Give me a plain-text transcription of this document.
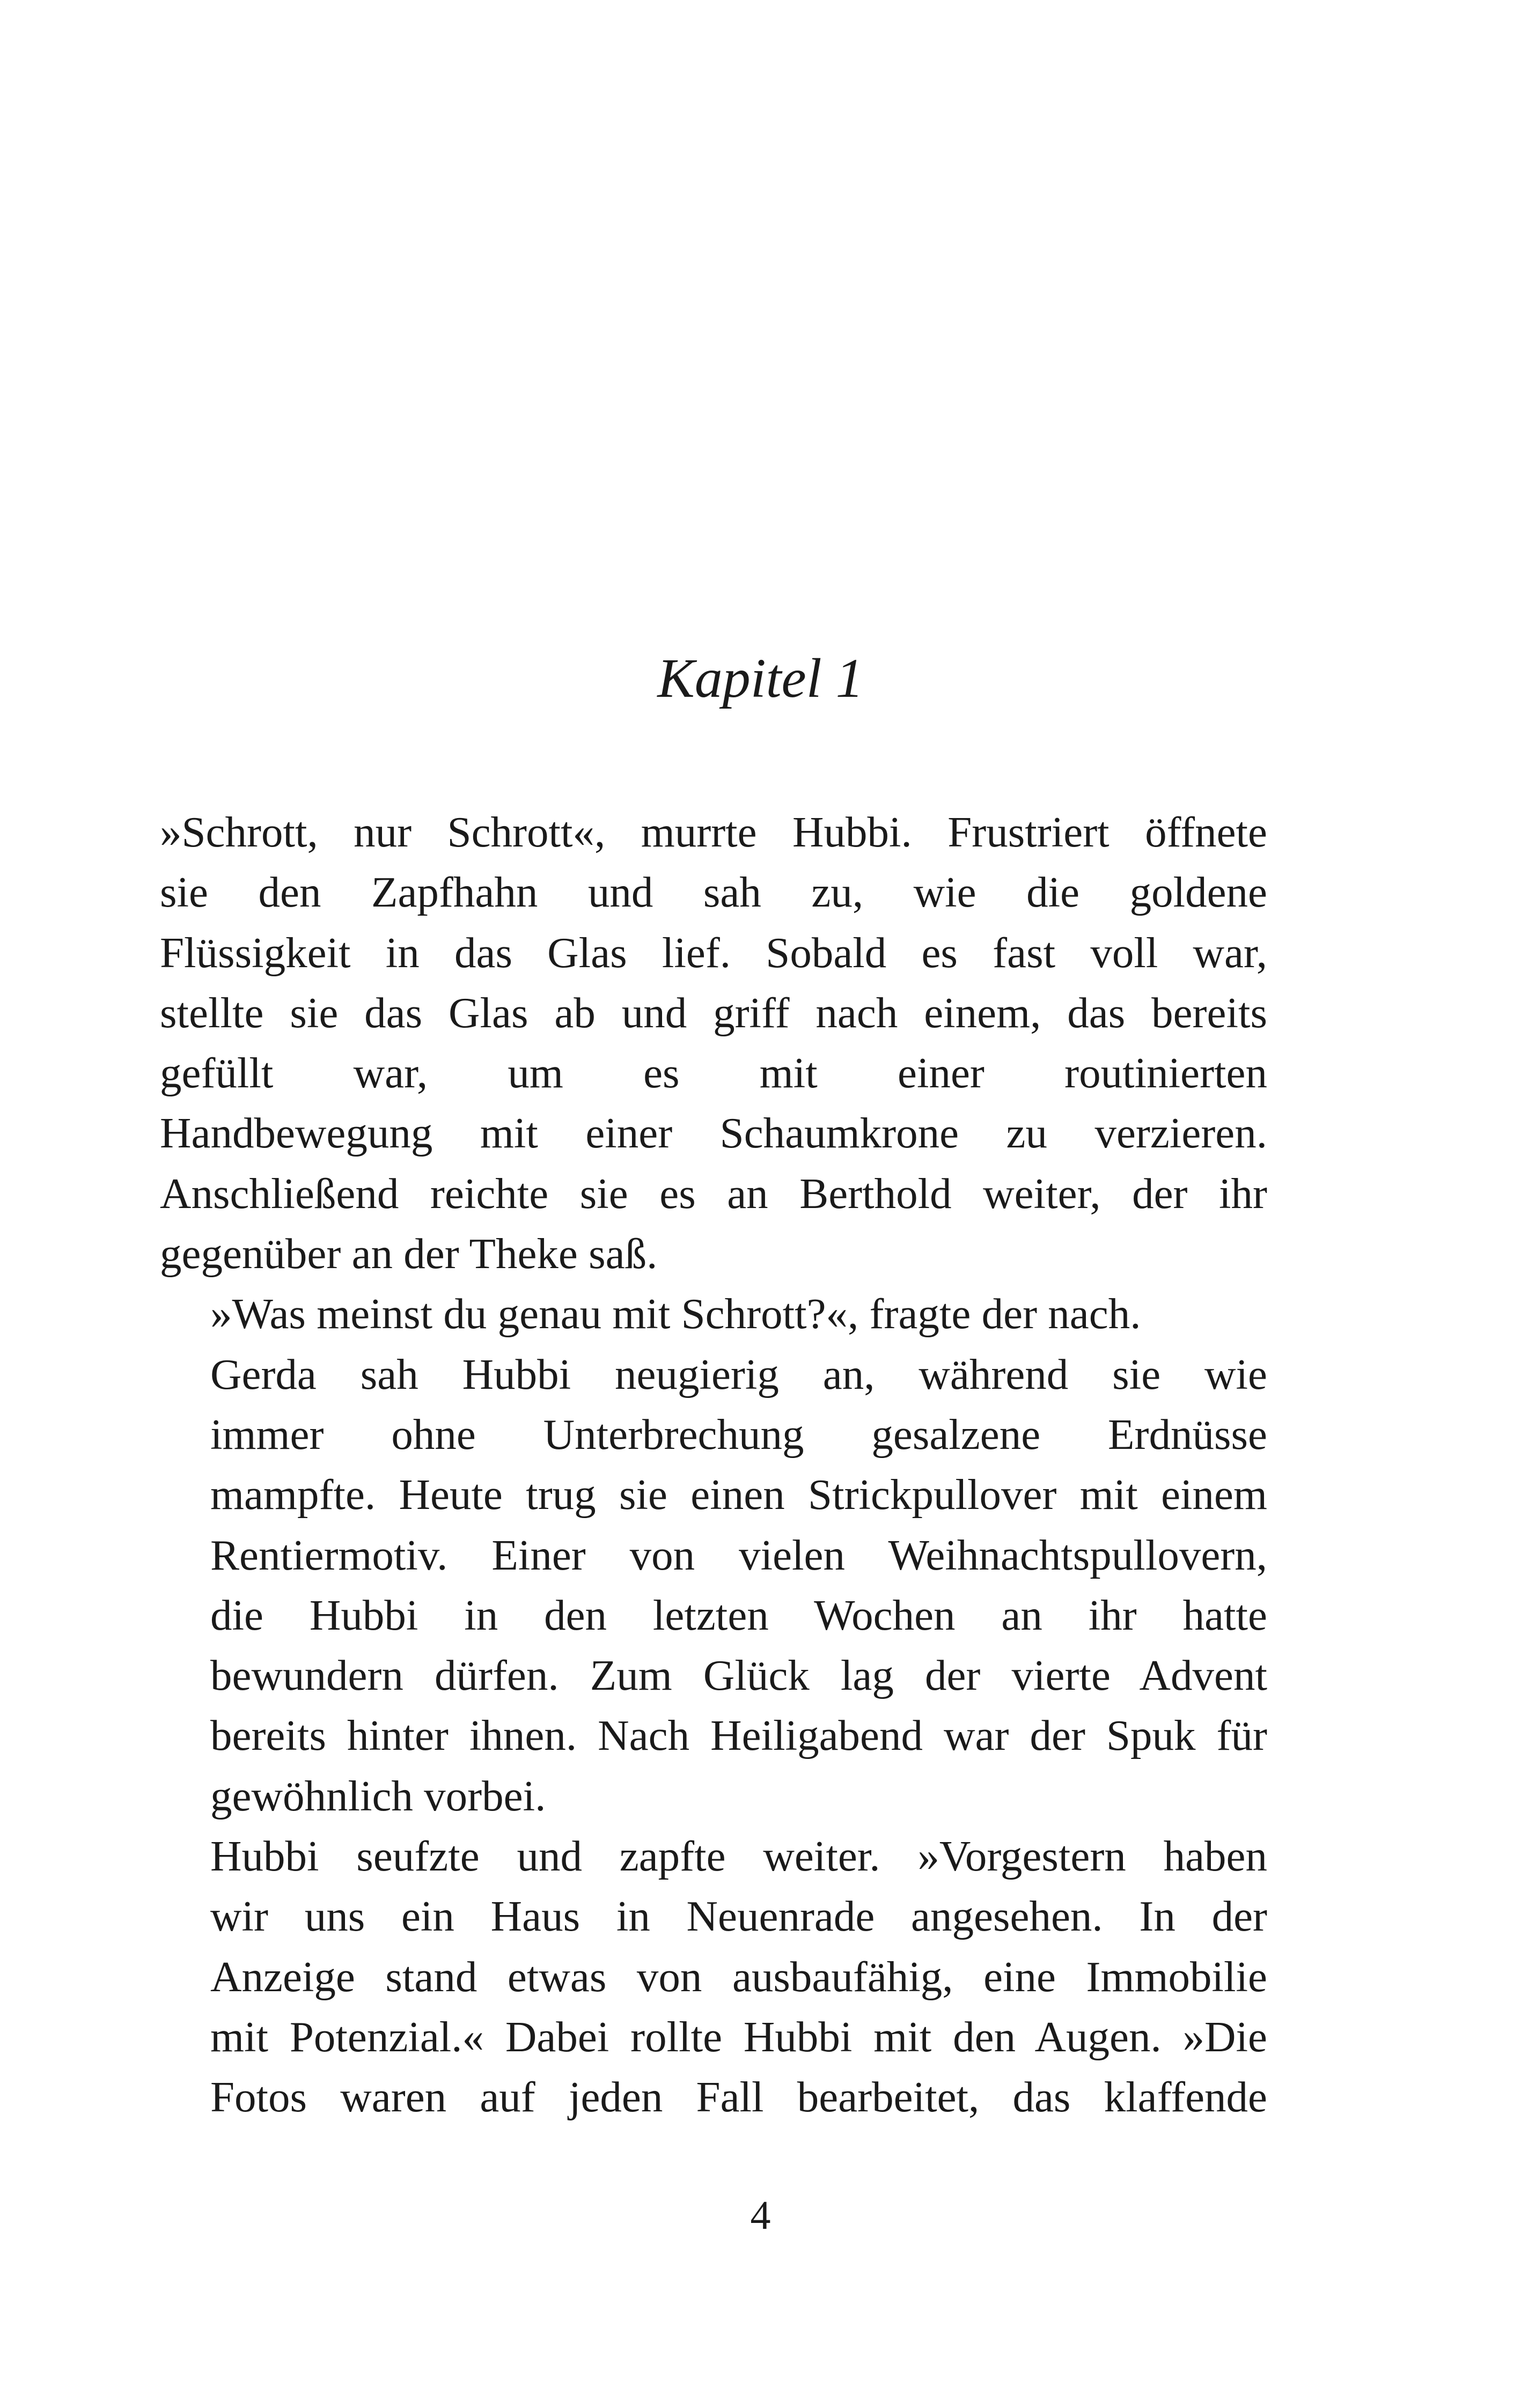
Kapitel 1

»Schrott, nur Schrott«, murrte Hubbi. Frustriert öffnete
sie den Zapfhahn und sah zu, wie die goldene
Flüssigkeit in das Glas lief. Sobald es fast voll war,
stellte sie das Glas ab und griff nach einem, das bereits
gefüllt war, um es mit einer routinierten
Handbewegung mit einer Schaumkrone zu verzieren.
Anschließend reichte sie es an Berthold weiter, der ihr
gegenüber an der Theke saß.

»Was meinst du genau mit Schrott?«, fragte der nach.

Gerda sah Hubbi neugierig an, während sie wie
immer ohne Unterbrechung gesalzene Erdnüsse
mampfte. Heute trug sie einen Strickpullover mit einem
Rentiermotiv. Einer von vielen Weihnachtspullovern,
die Hubbi in den letzten Wochen an ihr hatte
bewundern dürfen. Zum Glück lag der vierte Advent
bereits hinter ihnen. Nach Heiligabend war der Spuk für
gewöhnlich vorbei.

Hubbi seufzte und zapfte weiter. »Vorgestern haben
wir uns ein Haus in Neuenrade angesehen. In der
Anzeige stand etwas von ausbaufähig, eine Immobilie
mit Potenzial.« Dabei rollte Hubbi mit den Augen. »Die
Fotos waren auf jeden Fall bearbeitet, das klaffende

4
